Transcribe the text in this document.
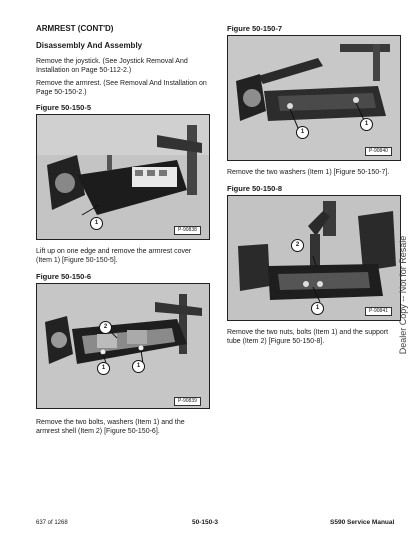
ARMREST (CONT'D)
Disassembly And Assembly
Remove the joystick. (See Joystick Removal And Installation on Page 50-112-2.)
Remove the armrest. (See Removal And Installation on Page 50-150-2.)
Figure 50-150-5
P-90838
1
Lift up on one edge and remove the armrest cover (Item 1) [Figure 50-150-5].
Figure 50-150-6
P-90839
2
1	1
Remove the two bolts, washers (Item 1) and the armrest shell (Item 2) [Figure 50-150-6].
Figure 50-150-7
P-90840
1
1
Remove the two washers (Item 1) [Figure 50-150-7].
Figure 50-150-8
P-90841
2
1
Remove the two nuts, bolts (Item 1) and the support tube (Item 2) [Figure 50-150-8].	Dealer Copy -- Not for Resale
637 of 1268	50-150-3	S590 Service Manual
